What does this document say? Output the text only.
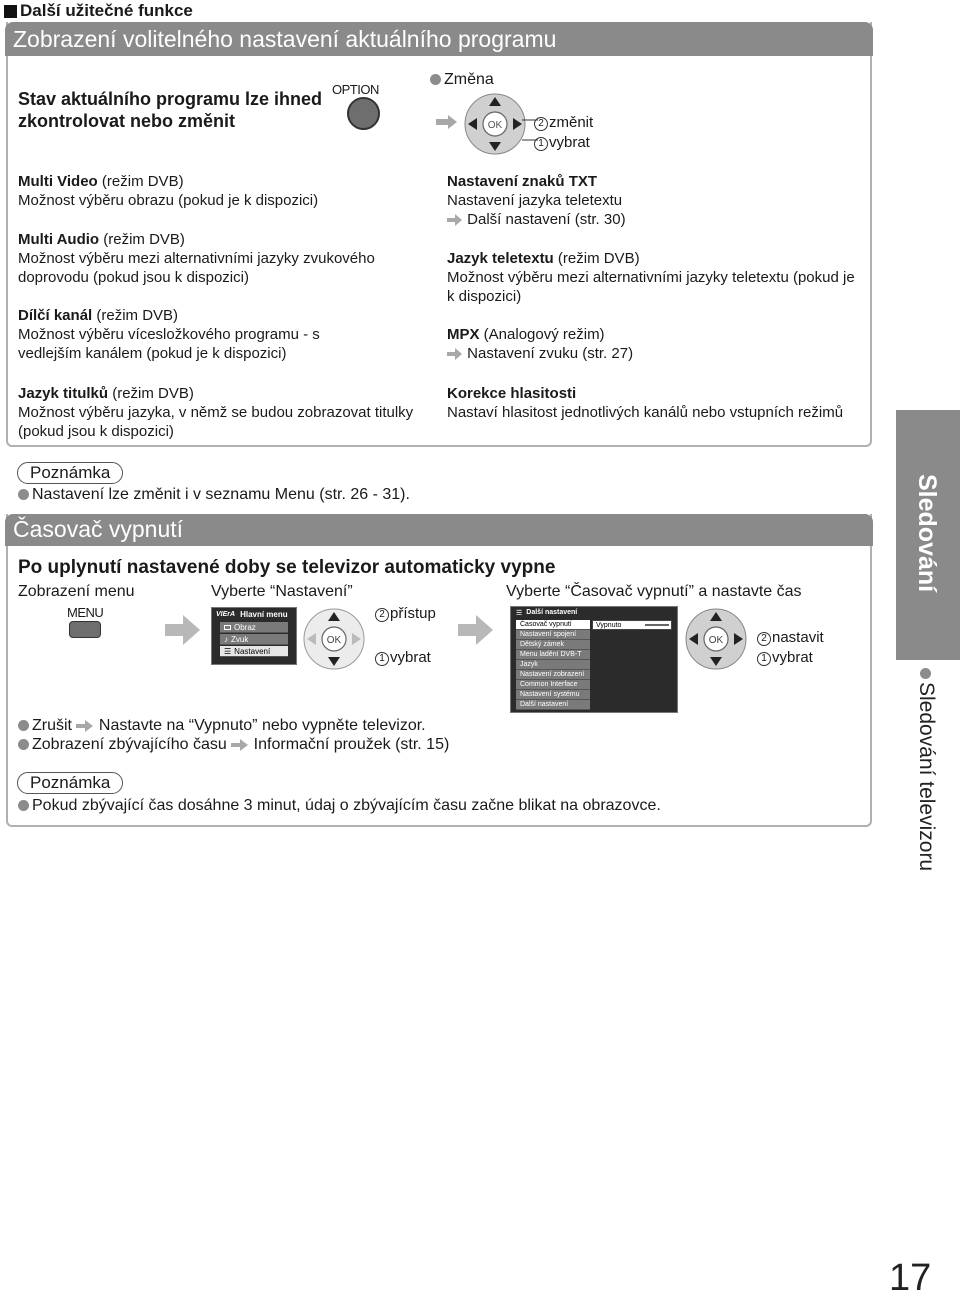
Další užitečné funkce
Zobrazení volitelného nastavení aktuálního programu
Stav aktuálního programu lze ihned zkontrolovat nebo změnit
OPTION
Změna
OK	2 změnit
1 vybrat
Multi Video (režim DVB)
Možnost výběru obrazu (pokud je k dispozici)
Multi Audio (režim DVB)
Možnost výběru mezi alternativními jazyky zvukového doprovodu (pokud jsou k dispozici)
Dílčí kanál (režim DVB)
Možnost výběru vícesložkového programu - s vedlejším kanálem (pokud je k dispozici)
Jazyk titulků (režim DVB)
Možnost výběru jazyka, v němž se budou zobrazovat titulky (pokud jsou k dispozici)
Nastavení znaků TXT
Nastavení jazyka teletextu
Další nastavení (str. 30)
Jazyk teletextu (režim DVB)
Možnost výběru mezi alternativními jazyky teletextu (pokud je k dispozici)
MPX (Analogový režim)
Nastavení zvuku (str. 27)
Korekce hlasitosti
Nastaví hlasitost jednotlivých kanálů nebo vstupních režimů
Poznámka
Nastavení lze změnit i v seznamu Menu (str. 26 - 31).
Časovač vypnutí
Po uplynutí nastavené doby se televizor automaticky vypne
Zobrazení menu	Vyberte “Nastavení”	Vyberte “Časovač vypnutí” a nastavte čas
MENU	VIErA Hlavní menu
Obraz
♪ Zvuk
☰ Nastavení
OK
2 přístup
1 vybrat
☰ Další nastavení
Časovač vypnutí
Nastavení spojení
Dětský zámek
Menu ladění DVB-T
Jazyk
Nastavení zobrazení
Common Interface
Nastavení systému
Další nastavení
Vypnuto
OK	2 nastavit
1 vybrat
Zrušit Nastavte na “Vypnuto” nebo vypněte televizor.
Zobrazení zbývajícího času Informační proužek (str. 15)
Poznámka
Pokud zbývající čas dosáhne 3 minut, údaj o zbývajícím času začne blikat na obrazovce.
Sledování
Sledování televizoru
17
